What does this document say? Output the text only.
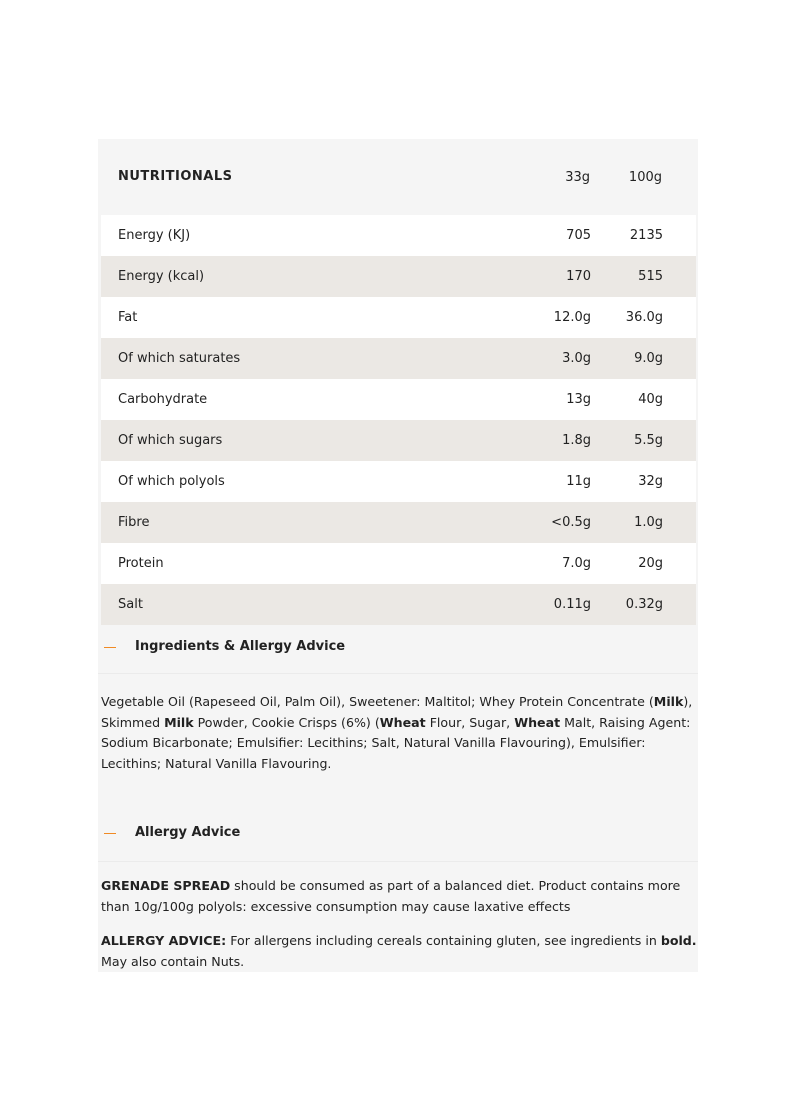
NUTRITIONALS	33g	100g
Energy (KJ)	705	2135
Energy (kcal)	170	515
Fat	12.0g	36.0g
Of which saturates	3.0g	9.0g
Carbohydrate	13g	40g
Of which sugars	1.8g	5.5g
Of which polyols	11g	32g
Fibre	<0.5g	1.0g
Protein	7.0g	20g
Salt	0.11g	0.32g
Ingredients & Allergy Advice
Vegetable Oil (Rapeseed Oil, Palm Oil), Sweetener: Maltitol; Whey Protein Concentrate (Milk), Skimmed Milk Powder, Cookie Crisps (6%) (Wheat Flour, Sugar, Wheat Malt, Raising Agent: Sodium Bicarbonate; Emulsifier: Lecithins; Salt, Natural Vanilla Flavouring), Emulsifier: Lecithins; Natural Vanilla Flavouring.
Allergy Advice
GRENADE SPREAD should be consumed as part of a balanced diet. Product contains more than 10g/100g polyols: excessive consumption may cause laxative effects
ALLERGY ADVICE: For allergens including cereals containing gluten, see ingredients in bold. May also contain Nuts.
